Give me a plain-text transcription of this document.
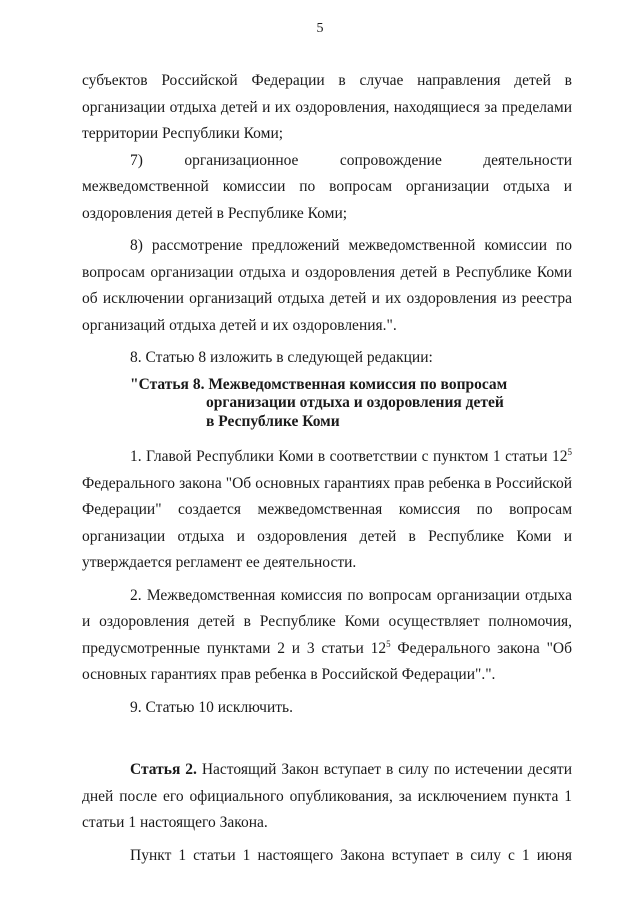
5

субъектов Российской Федерации в случае направления детей в организации отдыха детей и их оздоровления, находящиеся за пределами территории Республики Коми;

7) организационное сопровождение деятельности межведомственной комиссии по вопросам организации отдыха и оздоровления детей в Республике Коми;

8) рассмотрение предложений межведомственной комиссии по вопросам организации отдыха и оздоровления детей в Республике Коми об исключении организаций отдыха детей и их оздоровления из реестра организаций отдыха детей и их оздоровления.".

8. Статью 8 изложить в следующей редакции:

"Статья 8. Межведомственная комиссия по вопросам
организации отдыха и оздоровления детей
в Республике Коми

1. Главой Республики Коми в соответствии с пунктом 1 статьи $12^5$ Федерального закона "Об основных гарантиях прав ребенка в Российской Федерации" создается межведомственная комиссия по вопросам организации отдыха и оздоровления детей в Республике Коми и утверждается регламент ее деятельности.

2. Межведомственная комиссия по вопросам организации отдыха и оздоровления детей в Республике Коми осуществляет полномочия, предусмотренные пунктами 2 и 3 статьи $12^5$ Федерального закона "Об основных гарантиях прав ребенка в Российской Федерации".".

9. Статью 10 исключить.

Статья 2. Настоящий Закон вступает в силу по истечении десяти дней после его официального опубликования, за исключением пункта 1 статьи 1 настоящего Закона.

Пункт 1 статьи 1 настоящего Закона вступает в силу с 1 июня
